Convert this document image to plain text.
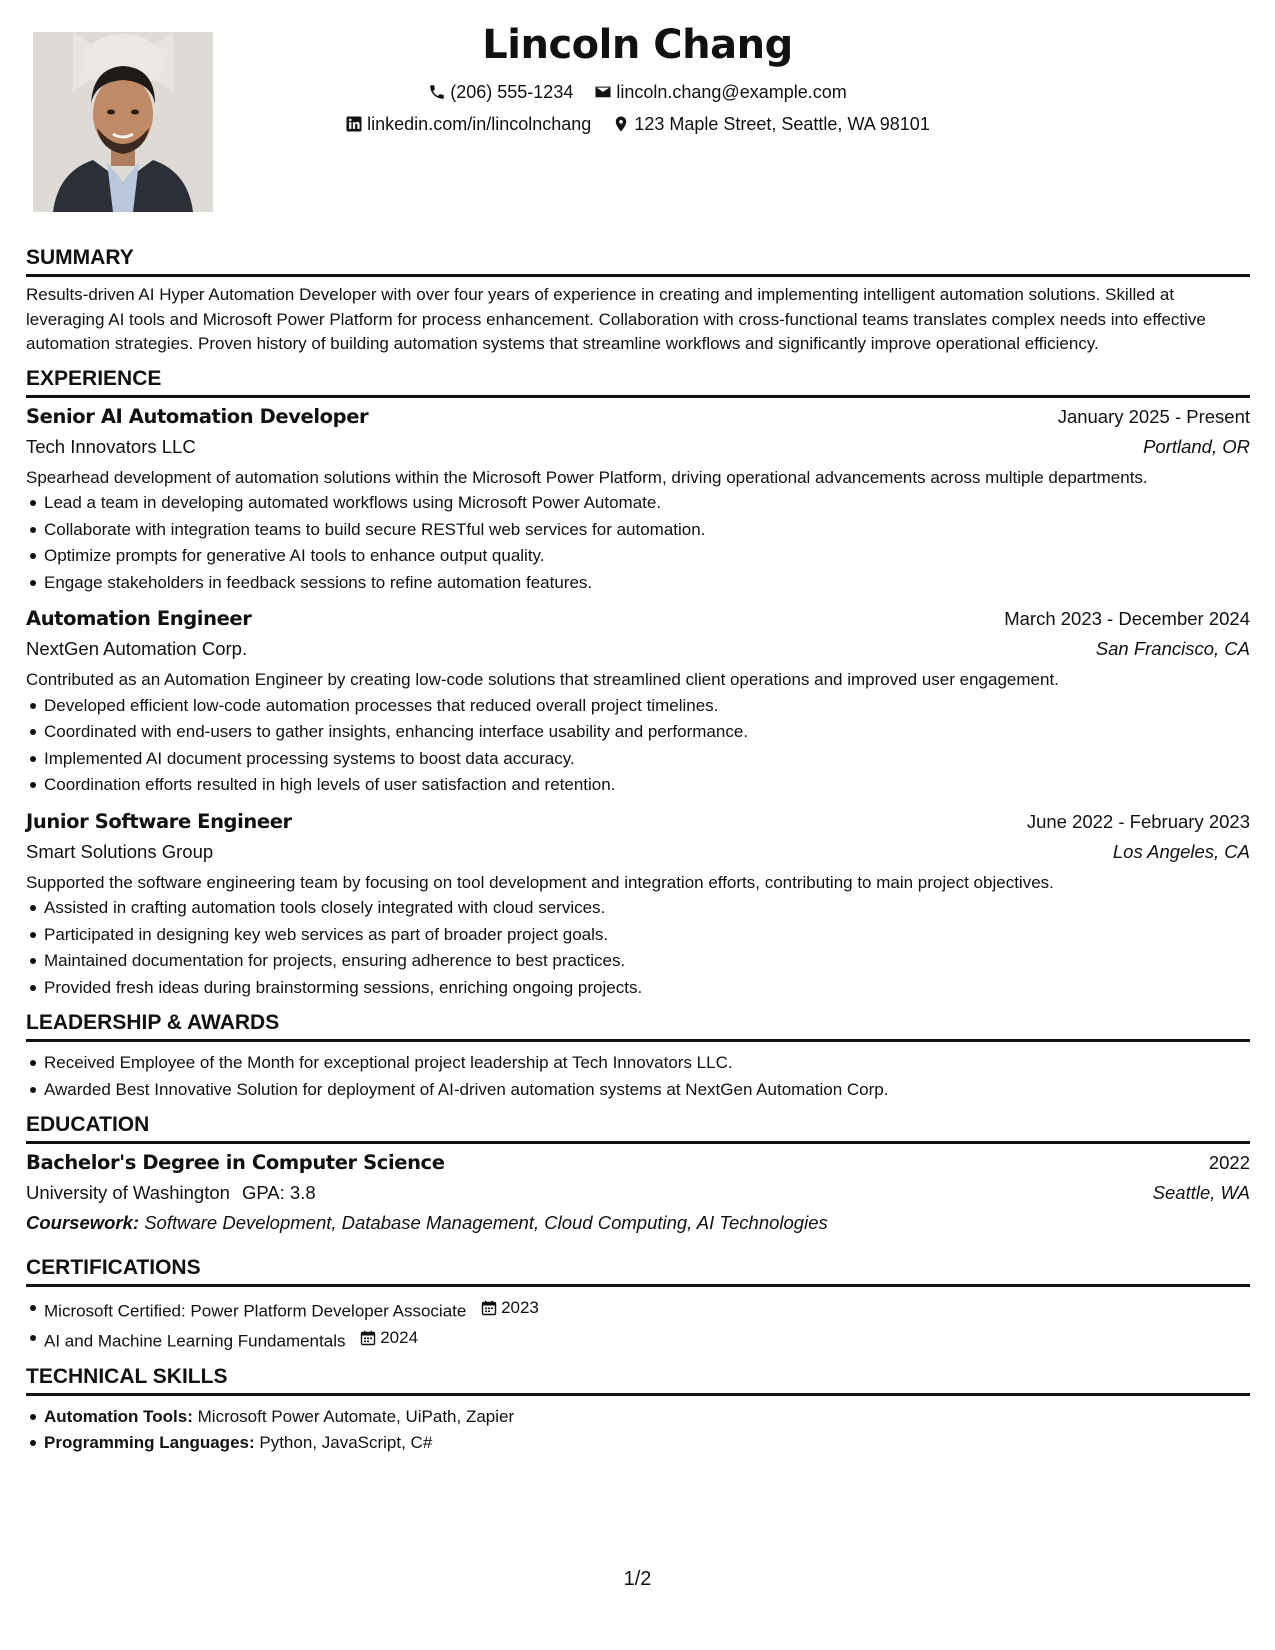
Lincoln Chang
(206) 555-1234
lincoln.chang@example.com
linkedin.com/in/lincolnchang
123 Maple Street, Seattle, WA 98101
SUMMARY

Results-driven AI Hyper Automation Developer with over four years of experience in creating and implementing intelligent automation solutions. Skilled at leveraging AI tools and Microsoft Power Platform for process enhancement. Collaboration with cross-functional teams translates complex needs into effective automation strategies. Proven history of building automation systems that streamline workflows and significantly improve operational efficiency.

EXPERIENCE
Senior AI Automation Developer	January 2025 - Present
Tech Innovators LLC	Portland, OR

Spearhead development of automation solutions within the Microsoft Power Platform, driving operational advancements across multiple departments.

Lead a team in developing automated workflows using Microsoft Power Automate.
Collaborate with integration teams to build secure RESTful web services for automation.
Optimize prompts for generative AI tools to enhance output quality.
Engage stakeholders in feedback sessions to refine automation features.
Automation Engineer	March 2023 - December 2024
NextGen Automation Corp.	San Francisco, CA

Contributed as an Automation Engineer by creating low-code solutions that streamlined client operations and improved user engagement.

Developed efficient low-code automation processes that reduced overall project timelines.
Coordinated with end-users to gather insights, enhancing interface usability and performance.
Implemented AI document processing systems to boost data accuracy.
Coordination efforts resulted in high levels of user satisfaction and retention.
Junior Software Engineer	June 2022 - February 2023
Smart Solutions Group	Los Angeles, CA

Supported the software engineering team by focusing on tool development and integration efforts, contributing to main project objectives.

Assisted in crafting automation tools closely integrated with cloud services.
Participated in designing key web services as part of broader project goals.
Maintained documentation for projects, ensuring adherence to best practices.
Provided fresh ideas during brainstorming sessions, enriching ongoing projects.
LEADERSHIP & AWARDS
Received Employee of the Month for exceptional project leadership at Tech Innovators LLC.
Awarded Best Innovative Solution for deployment of AI-driven automation systems at NextGen Automation Corp.
EDUCATION
Bachelor's Degree in Computer Science	2022
University of Washington GPA: 3.8	Seattle, WA
Coursework: Software Development, Database Management, Cloud Computing, AI Technologies
CERTIFICATIONS
Microsoft Certified: Power Platform Developer Associate 2023
AI and Machine Learning Fundamentals 2024
TECHNICAL SKILLS
Automation Tools: Microsoft Power Automate, UiPath, Zapier
Programming Languages: Python, JavaScript, C#
1/2
